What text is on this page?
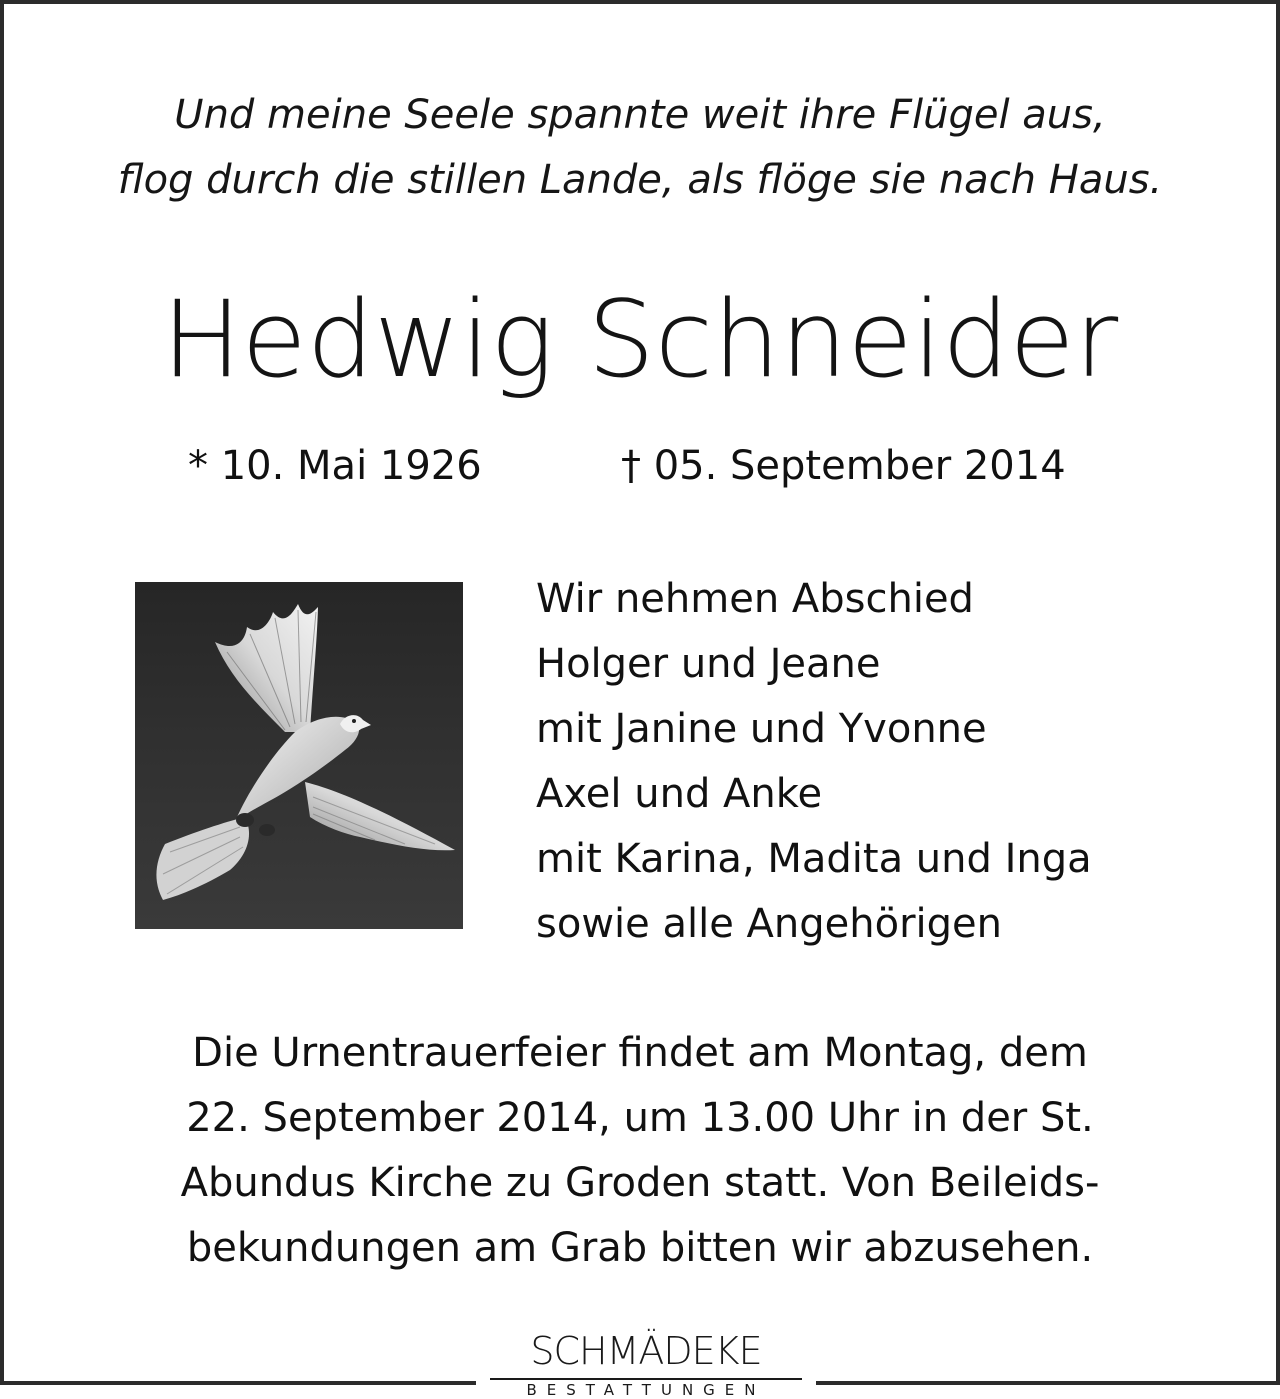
Und meine Seele spannte weit ihre Flügel aus,
flog durch die stillen Lande, als flöge sie nach Haus.
Hedwig Schneider
* 10. Mai 1926	† 05. September 2014
Wir nehmen Abschied
Holger und Jeane
mit Janine und Yvonne
Axel und Anke
mit Karina, Madita und Inga
sowie alle Angehörigen
Die Urnentrauerfeier findet am Montag, dem
22. September 2014, um 13.00 Uhr in der St.
Abundus Kirche zu Groden statt. Von Beileids-
bekundungen am Grab bitten wir abzusehen.
SCHMÄDEKE
BESTATTUNGEN
